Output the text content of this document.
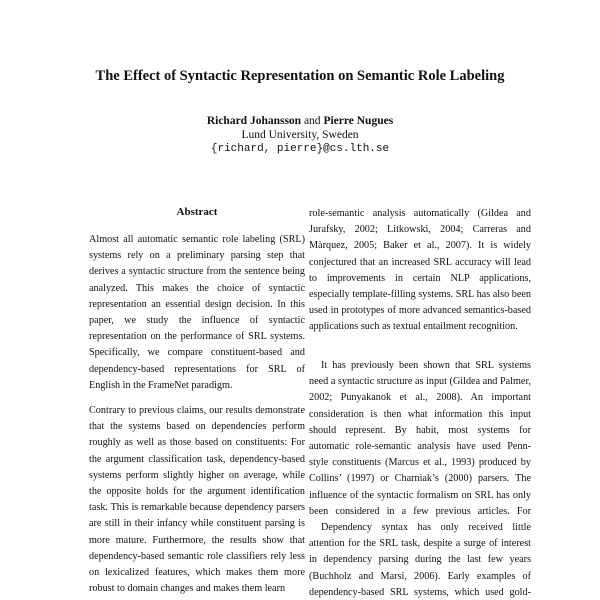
The Effect of Syntactic Representation on Semantic Role Labeling
Richard Johansson and Pierre Nugues
Lund University, Sweden
{richard, pierre}@cs.lth.se
Abstract
Almost all automatic semantic role labeling (SRL) systems rely on a preliminary parsing step that derives a syntactic structure from the sentence being analyzed. This makes the choice of syntactic representation an essential design decision. In this paper, we study the influence of syntactic representation on the performance of SRL systems. Specifically, we compare constituent-based and dependency-based representations for SRL of English in the FrameNet paradigm.
Contrary to previous claims, our results demonstrate that the systems based on dependencies perform roughly as well as those based on constituents: For the argument classification task, dependency-based systems perform slightly higher on average, while the opposite holds for the argument identification task. This is remarkable because dependency parsers are still in their infancy while constituent parsing is more mature. Furthermore, the results show that dependency-based semantic role classifiers rely less on lexicalized features, which makes them more robust to domain changes and makes them learn
role-semantic analysis automatically (Gildea and Jurafsky, 2002; Litkowski, 2004; Carreras and Màrquez, 2005; Baker et al., 2007). It is widely conjectured that an increased SRL accuracy will lead to improvements in certain NLP applications, especially template-filling systems. SRL has also been used in prototypes of more advanced semantics-based applications such as textual entailment recognition.
It has previously been shown that SRL systems need a syntactic structure as input (Gildea and Palmer, 2002; Punyakanok et al., 2008). An important consideration is then what information this input should represent. By habit, most systems for automatic role-semantic analysis have used Penn-style constituents (Marcus et al., 1993) produced by Collins’ (1997) or Charniak’s (2000) parsers. The influence of the syntactic formalism on SRL has only been considered in a few previous articles. For
Dependency syntax has only received little attention for the SRL task, despite a surge of interest in dependency parsing during the last few years (Buchholz and Marsi, 2006). Early examples of dependency-based SRL systems, which used gold-
